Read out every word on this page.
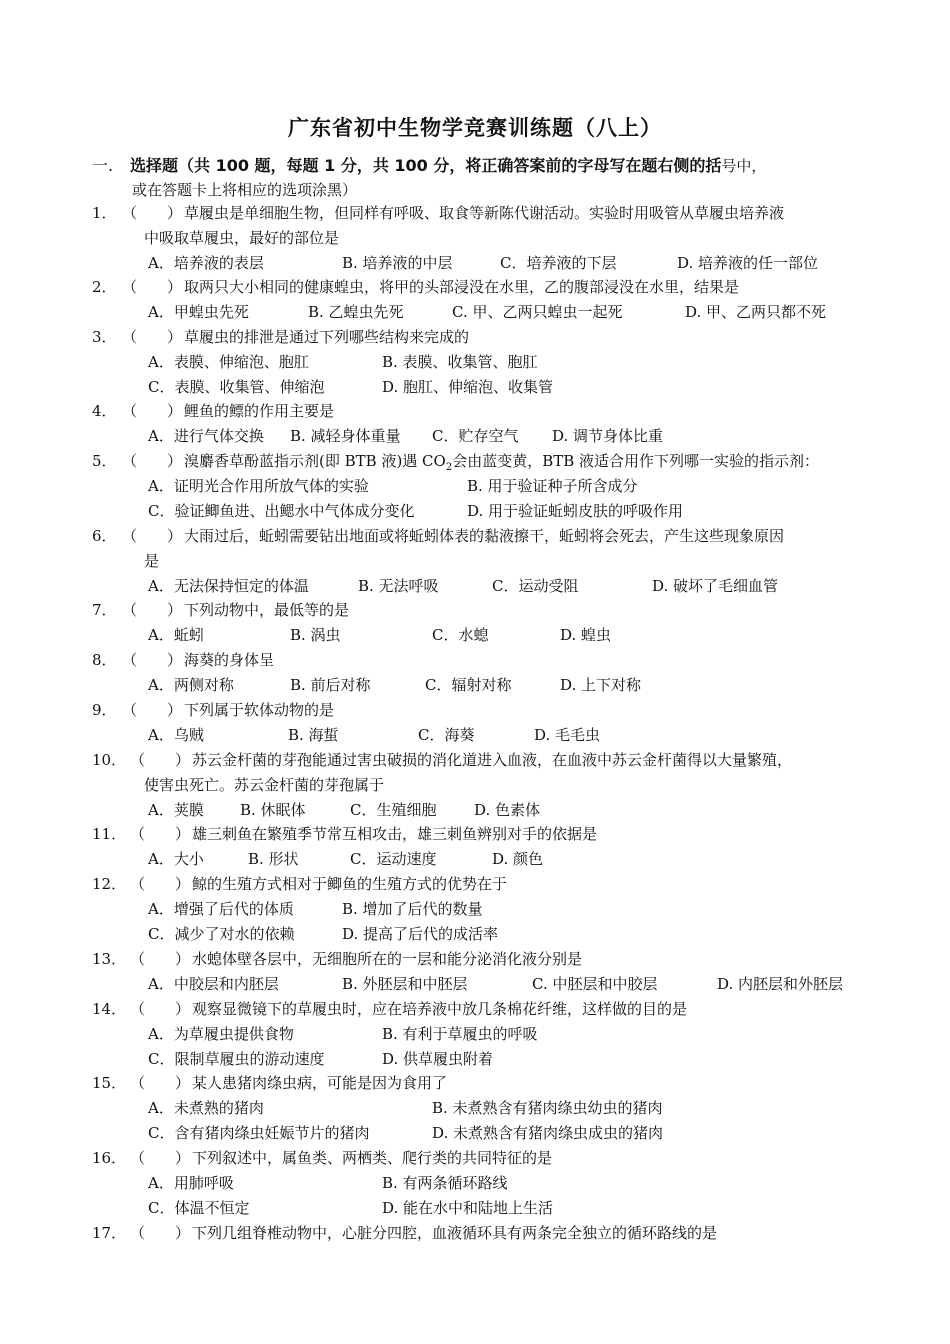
广东省初中生物学竞赛训练题（八上）
一. 选择题（共 100 题，每题 1 分，共 100 分，将正确答案前的字母写在题右侧的括号中，
或在答题卡上将相应的选项涂黑）
1． （　　） 草履虫是单细胞生物，但同样有呼吸、取食等新陈代谢活动。实验时用吸管从草履虫培养液
中吸取草履虫，最好的部位是
A．培养液的表层	B. 培养液的中层	C．培养液的下层	D. 培养液的任一部位
2． （　　） 取两只大小相同的健康蝗虫，将甲的头部浸没在水里，乙的腹部浸没在水里，结果是
A．甲蝗虫先死	B. 乙蝗虫先死	C. 甲、乙两只蝗虫一起死	D. 甲、乙两只都不死
3． （　　） 草履虫的排泄是通过下列哪些结构来完成的
A．表膜、伸缩泡、胞肛	B. 表膜、收集管、胞肛
C．表膜、收集管、伸缩泡	D. 胞肛、伸缩泡、收集管
4． （　　） 鲤鱼的鳔的作用主要是
A．进行气体交换 B. 减轻身体重量 C．贮存空气 D. 调节身体比重
5． （　　） 溴麝香草酚蓝指示剂(即 BTB 液)遇 $CO_2$会由蓝变黄，BTB 液适合用作下列哪一实验的指示剂：
A．证明光合作用所放气体的实验	B. 用于验证种子所含成分
C．验证鲫鱼进、出鳃水中气体成分变化	D. 用于验证蚯蚓皮肤的呼吸作用
6． （　　） 大雨过后，蚯蚓需要钻出地面或将蚯蚓体表的黏液擦干，蚯蚓将会死去，产生这些现象原因
是
A．无法保持恒定的体温	B. 无法呼吸	C．运动受阻	D. 破坏了毛细血管
7． （　　） 下列动物中，最低等的是
A．蚯蚓	B. 涡虫	C．水螅	D. 蝗虫
8． （　　） 海葵的身体呈
A．两侧对称	B. 前后对称	C．辐射对称	D. 上下对称
9． （　　） 下列属于软体动物的是
A．乌贼	B. 海蜇	C．海葵	D. 毛毛虫
10． （　　） 苏云金杆菌的芽孢能通过害虫破损的消化道进入血液，在血液中苏云金杆菌得以大量繁殖，
使害虫死亡。苏云金杆菌的芽孢属于
A．荚膜 B. 休眠体	C．生殖细胞	D. 色素体
11． （　　） 雄三刺鱼在繁殖季节常互相攻击，雄三刺鱼辨别对手的依据是
A．大小	B. 形状	C．运动速度	D. 颜色
12． （　　） 鲸的生殖方式相对于鲫鱼的生殖方式的优势在于
A．增强了后代的体质	B. 增加了后代的数量
C．减少了对水的依赖	D. 提高了后代的成活率
13． （　　） 水螅体壁各层中，无细胞所在的一层和能分泌消化液分别是
A．中胶层和内胚层	B. 外胚层和中胚层	C. 中胚层和中胶层	D. 内胚层和外胚层
14． （　　） 观察显微镜下的草履虫时，应在培养液中放几条棉花纤维，这样做的目的是
A．为草履虫提供食物	B. 有利于草履虫的呼吸
C．限制草履虫的游动速度	D. 供草履虫附着
15． （　　） 某人患猪肉绦虫病，可能是因为食用了
A．未煮熟的猪肉	B. 未煮熟含有猪肉绦虫幼虫的猪肉
C．含有猪肉绦虫妊娠节片的猪肉	D. 未煮熟含有猪肉绦虫成虫的猪肉
16． （　　） 下列叙述中，属鱼类、两栖类、爬行类的共同特征的是
A．用肺呼吸	B. 有两条循环路线
C．体温不恒定	D. 能在水中和陆地上生活
17． （　　） 下列几组脊椎动物中，心脏分四腔，血液循环具有两条完全独立的循环路线的是
